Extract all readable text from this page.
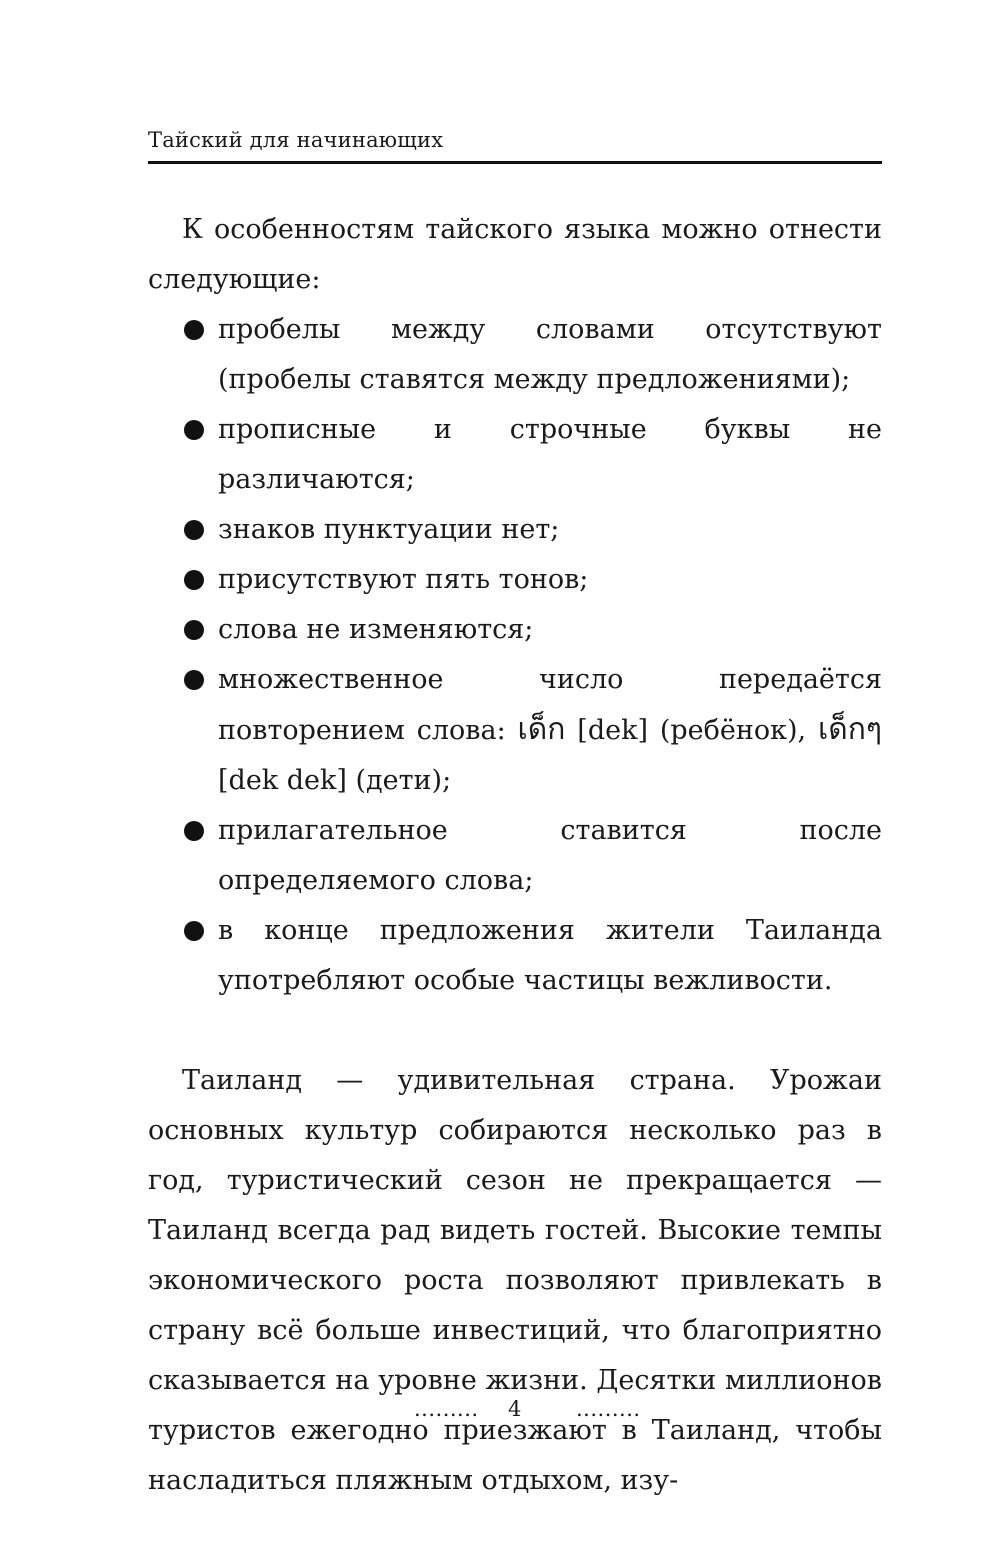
Тайский для начинающих

К особенностям тайского языка можно отнести следующие:

пробелы между словами отсутствуют (пробелы ставятся между предложениями);
прописные и строчные буквы не различаются;
знаков пунктуации нет;
присутствуют пять тонов;
слова не изменяются;
множественное число передаётся повторением слова: เด็ก [dek] (ребёнок), เด็กๆ [dek dek] (дети);
прилагательное ставится после определяемого слова;
в конце предложения жители Таиланда употребляют особые частицы вежливости.

Таиланд — удивительная страна. Урожаи основных культур собираются несколько раз в год, туристический сезон не прекращается — Таиланд всегда рад видеть гостей. Высокие темпы экономического роста позволяют привлекать в страну всё больше инвестиций, что благоприятно сказывается на уровне жизни. Десятки миллионов туристов ежегодно приезжают в Таиланд, чтобы насладиться пляжным отдыхом, изу-

......... 4	.........
